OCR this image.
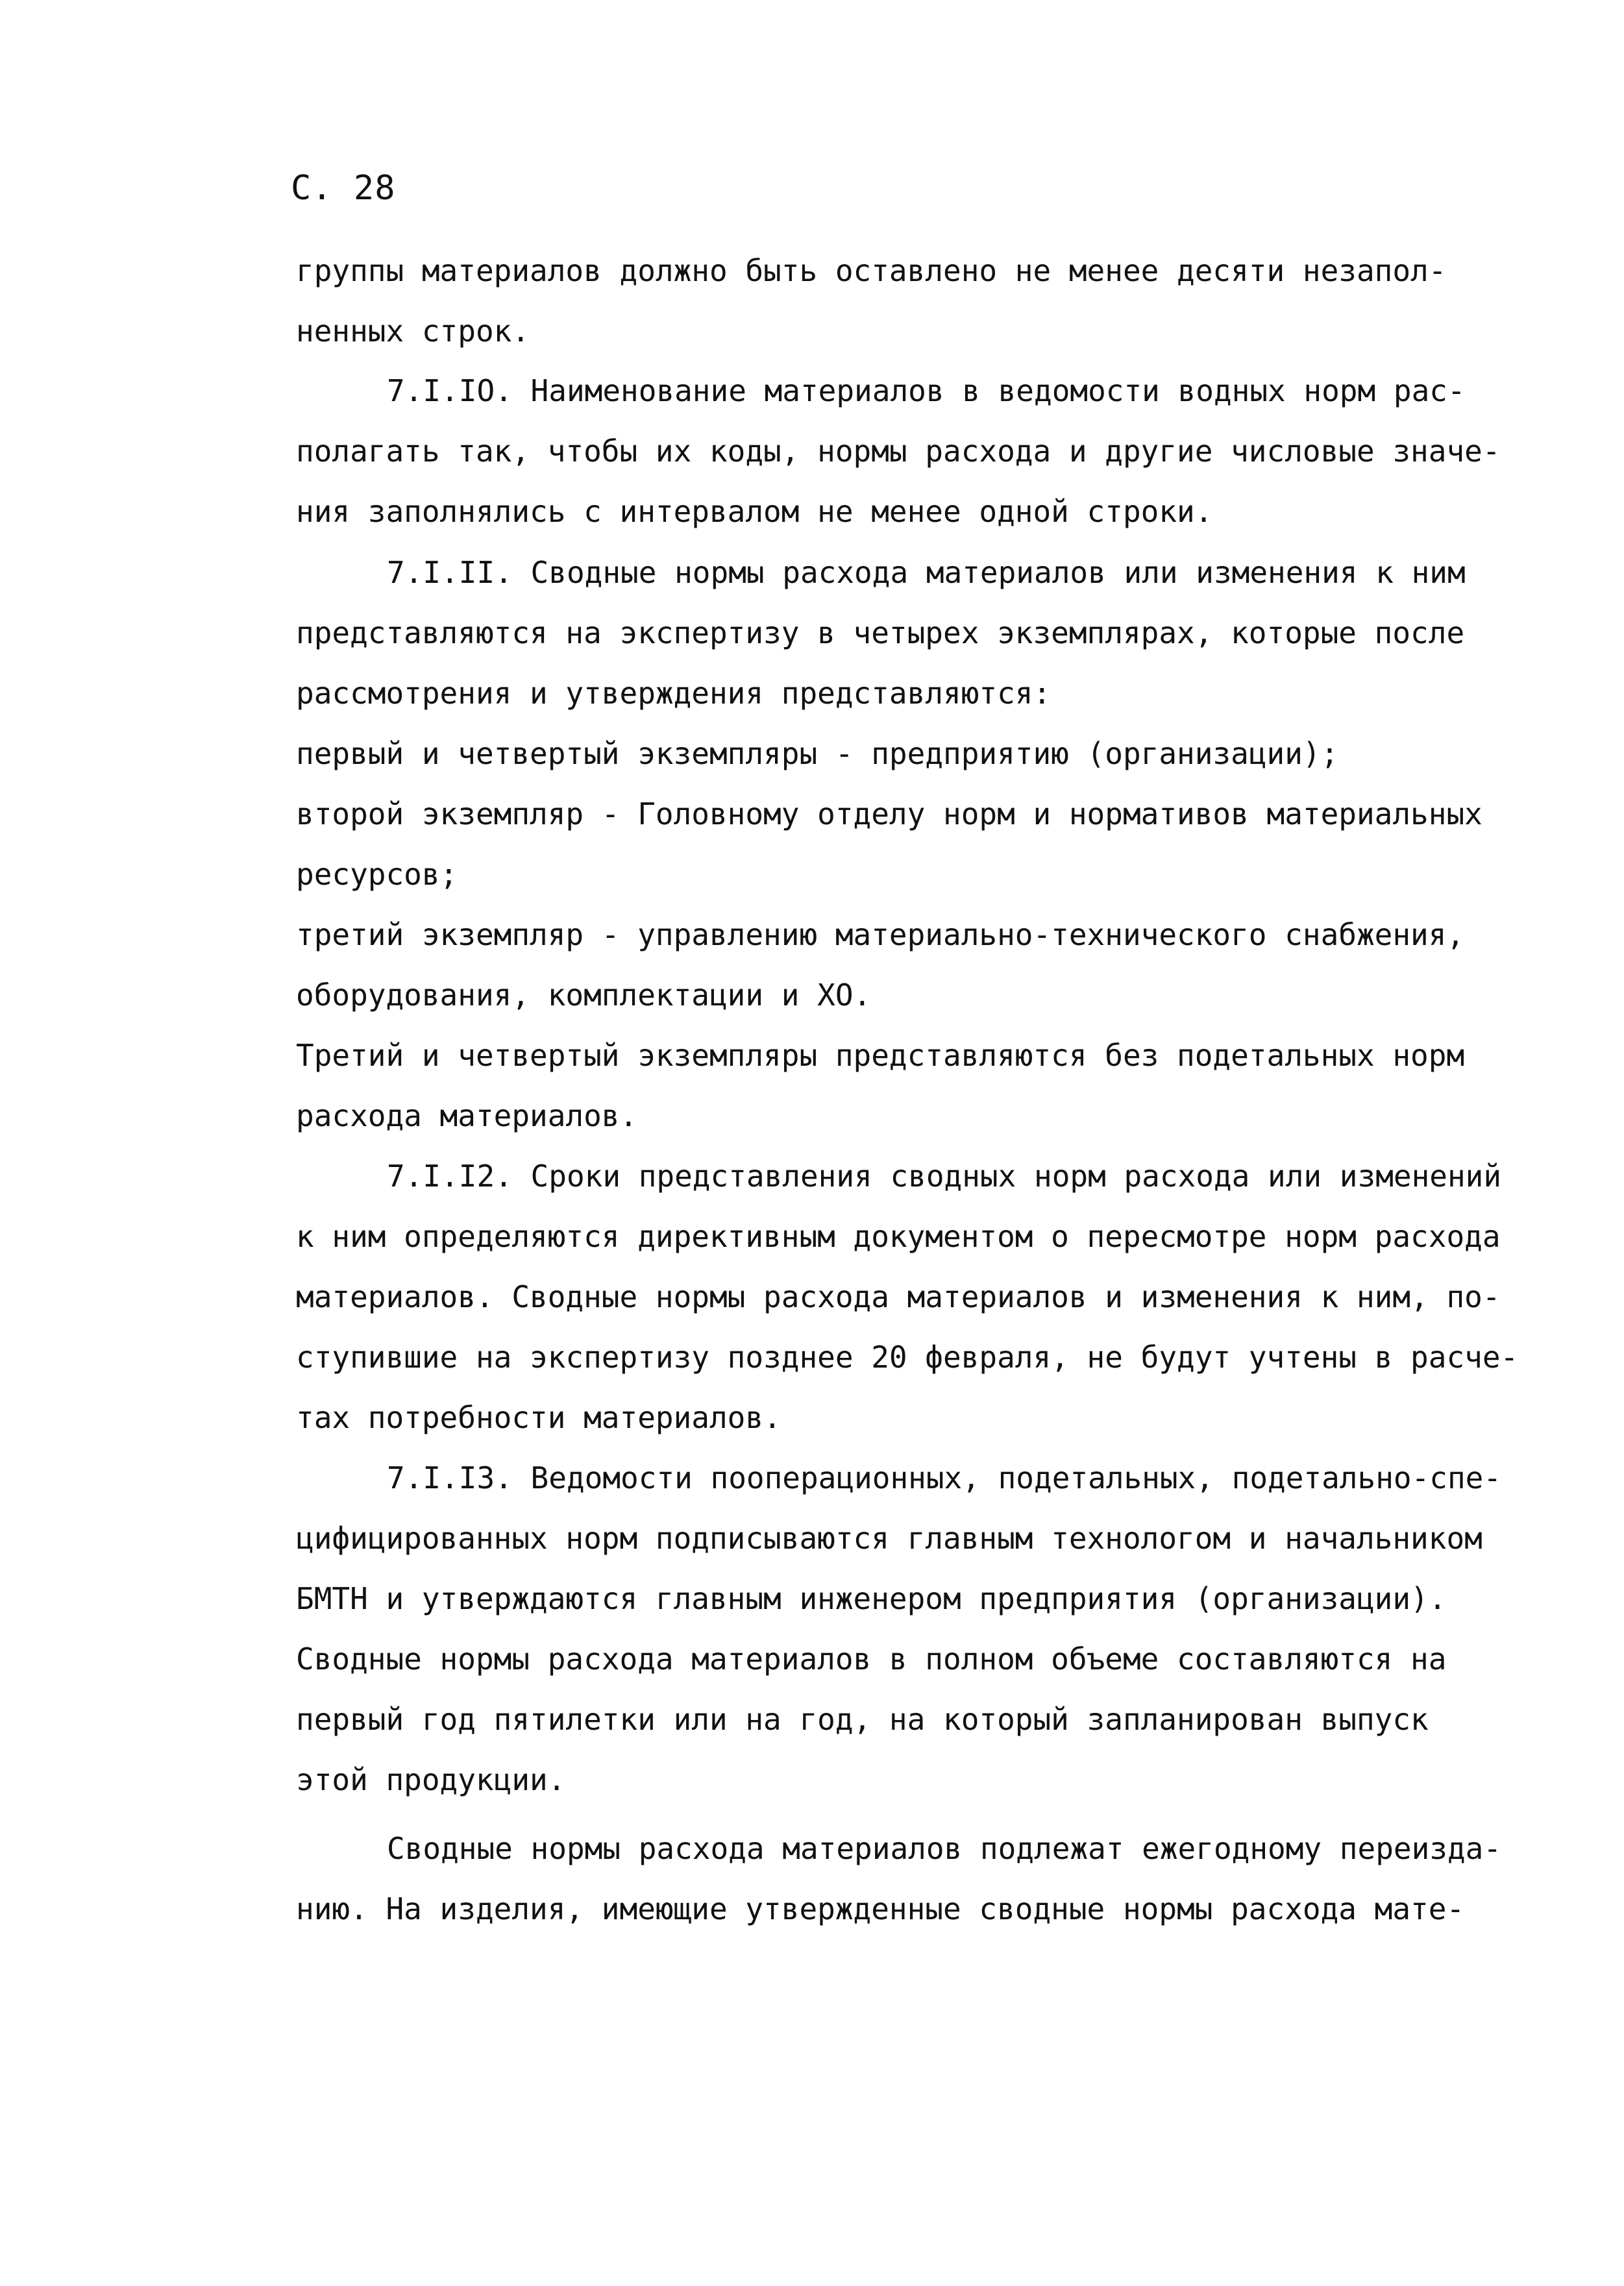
С. 28
группы материалов должно быть оставлено не менее десяти незапол-
ненных строк.
7.I.IO. Наименование материалов в ведомости водных норм рас-
полагать так, чтобы их коды, нормы расхода и другие числовые значе-
ния заполнялись с интервалом не менее одной строки.
7.I.II. Сводные нормы расхода материалов или изменения к ним
представляются на экспертизу в четырех экземплярах, которые после
рассмотрения и утверждения представляются:
первый и четвертый экземпляры - предприятию (организации);
второй экземпляр - Головному отделу норм и нормативов материальных
ресурсов;
третий экземпляр - управлению материально-технического снабжения,
оборудования, комплектации и ХО.
Третий и четвертый экземпляры представляются без подетальных норм
расхода материалов.
7.I.I2. Сроки представления сводных норм расхода или изменений
к ним определяются директивным документом о пересмотре норм расхода
материалов. Сводные нормы расхода материалов и изменения к ним, по-
ступившие на экспертизу позднее 20 февраля, не будут учтены в расче-
тах потребности материалов.
7.I.I3. Ведомости пооперационных, подетальных, подетально-спе-
цифицированных норм подписываются главным технологом и начальником
БМТН и утверждаются главным инженером предприятия (организации).
Сводные нормы расхода материалов в полном объеме составляются на
первый год пятилетки или на год, на который запланирован выпуск
этой продукции.
Сводные нормы расхода материалов подлежат ежегодному переизда-
нию. На изделия, имеющие утвержденные сводные нормы расхода мате-
